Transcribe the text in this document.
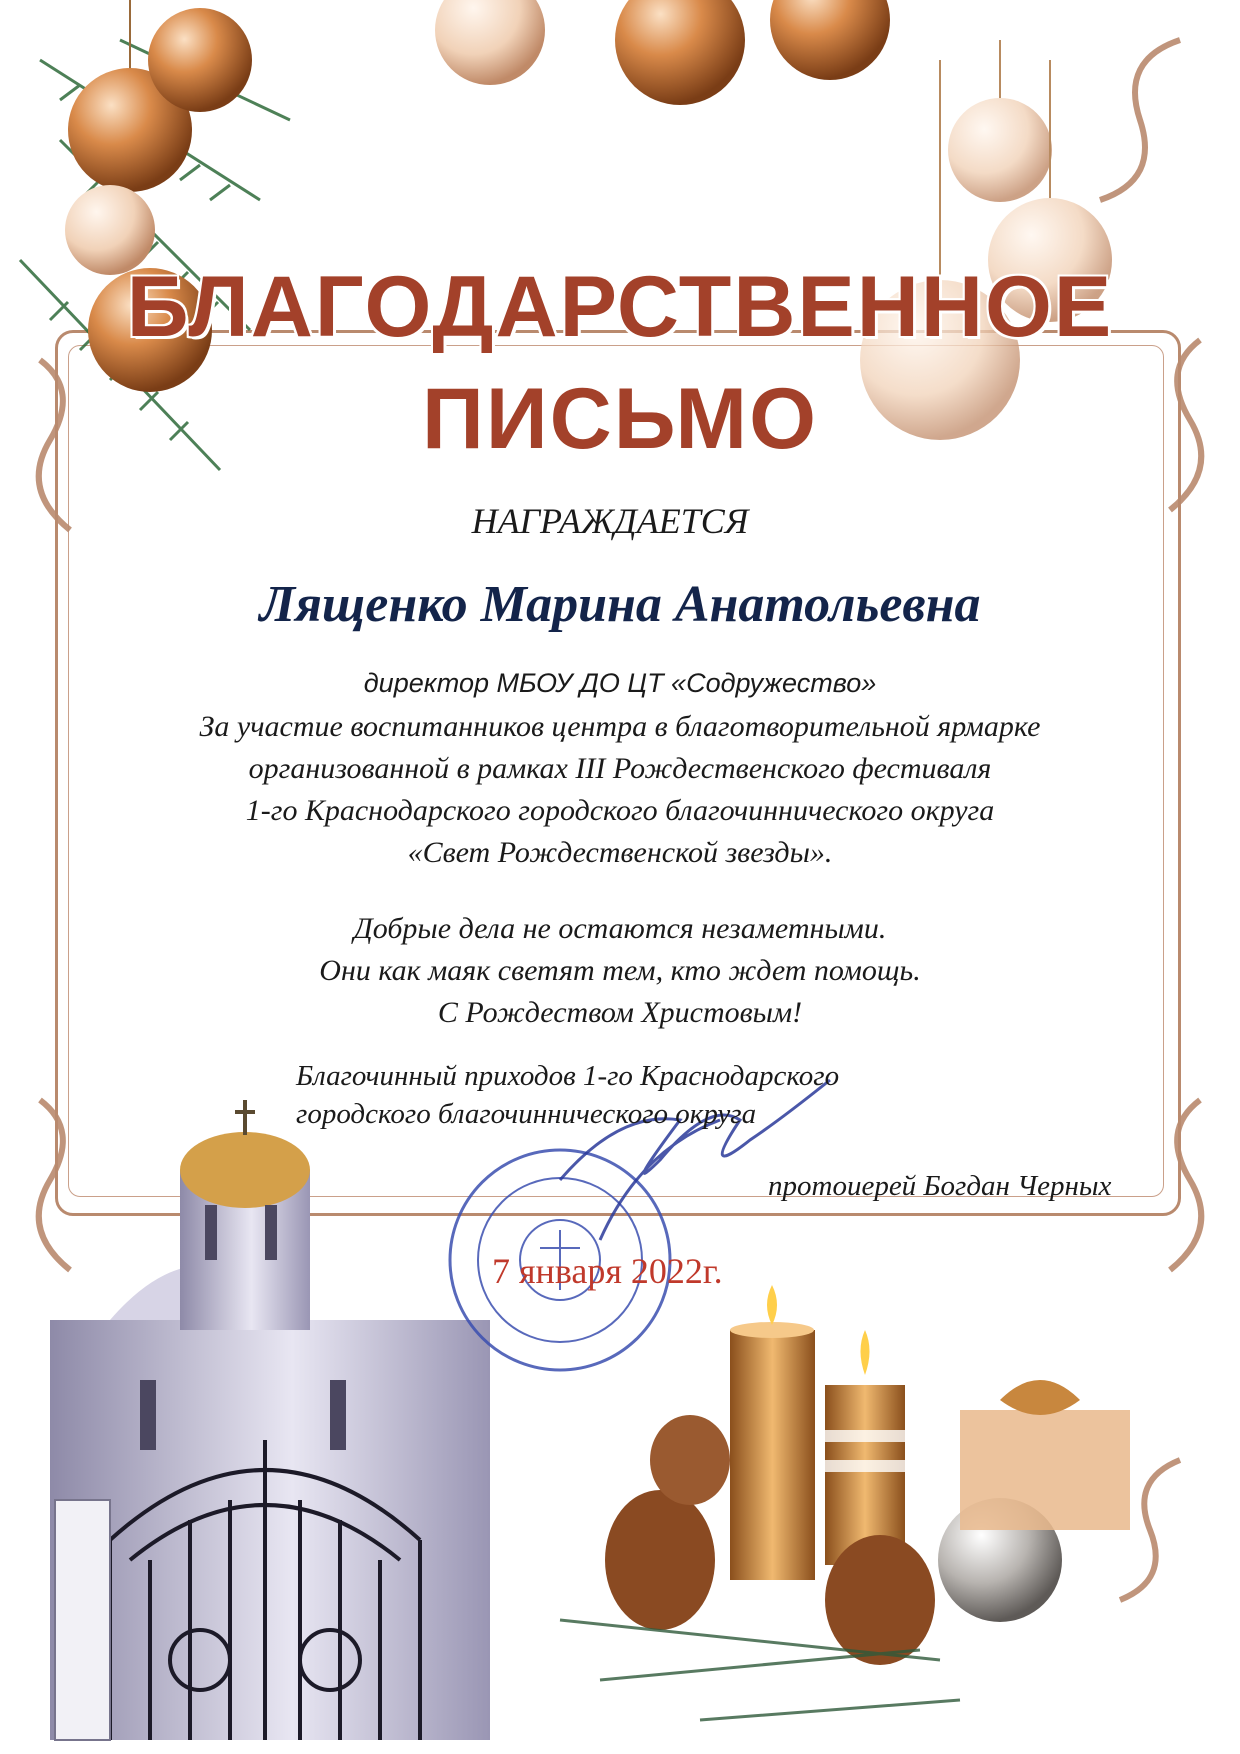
БЛАГОДАРСТВЕННОЕ
ПИСЬМО
НАГРАЖДАЕТСЯ
Лященко Марина Анатольевна
директор МБОУ ДО ЦТ «Содружество»
За участие воспитанников центра в благотворительной ярмарке
организованной в рамках III Рождественского фестиваля
1-го Краснодарского городского благочиннического округа
«Свет Рождественской звезды».
Добрые дела не остаются незаметными.
Они как маяк светят тем, кто ждет помощь.
С Рождеством Христовым!
Благочинный приходов 1-го Краснодарского
городского благочиннического округа
протоиерей Богдан Черных
7 января 2022г.
